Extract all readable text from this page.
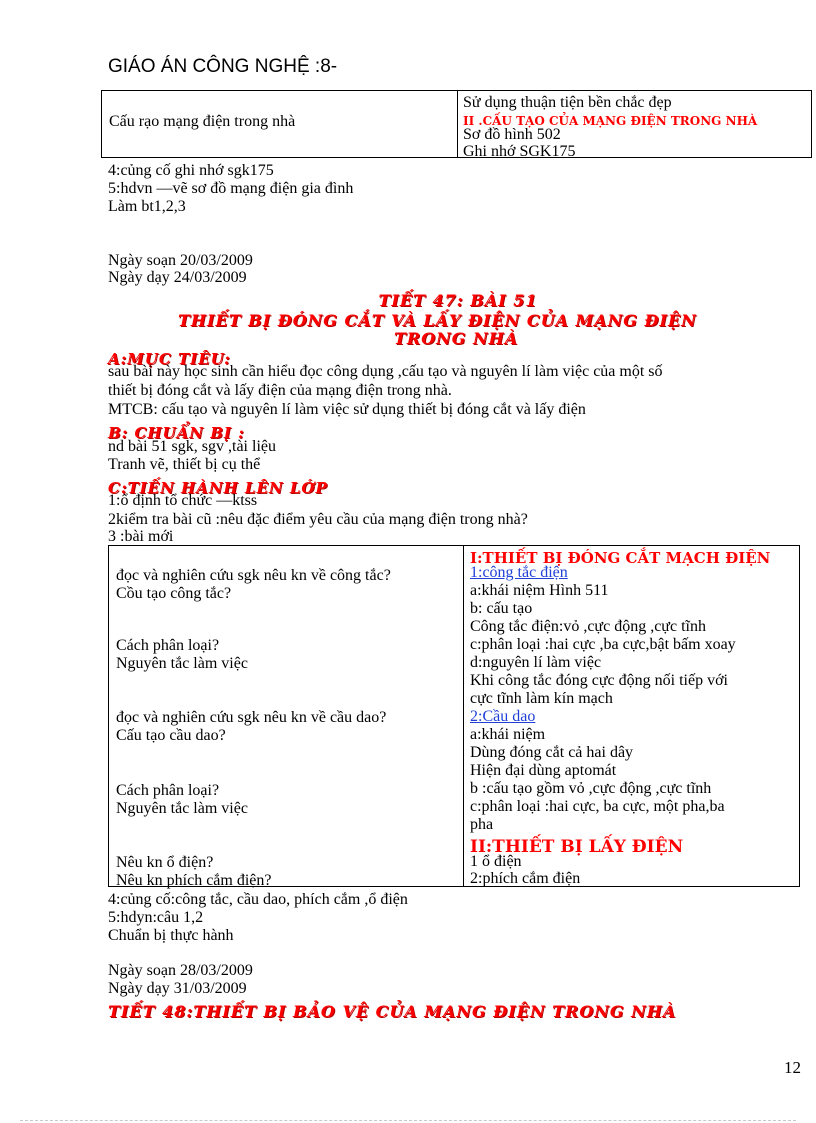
GIÁO ÁN CÔNG NGHỆ :8-
Cấu rạo mạng điện trong nhà
Sử dụng thuận tiện bền chắc đẹp
II .CẤU TẠO CỦA MẠNG ĐIỆN TRONG NHÀ
Sơ đồ hình 502
Ghi nhớ SGK175
4:củng cố ghi nhớ sgk175
5:hdvn —vẽ sơ đồ mạng điện gia đình
Làm bt1,2,3
Ngày soạn 20/03/2009
Ngày dạy 24/03/2009
TIẾT 47: BÀI 51
THIẾT BỊ ĐÓNG CẮT VÀ LẤY ĐIỆN CỦA MẠNG ĐIỆN
TRONG NHÀ
A:MỤC TIÊU:
sau bài này học sinh cần hiểu đọc công dụng ,cấu tạo và nguyên lí làm việc của một số
thiết bị đóng cắt và lấy điện của mạng điện trong nhà.
MTCB: cấu tạo và nguyên lí làm việc sử dụng thiết bị đóng cắt và lấy điện
B: CHUẨN BỊ :
nd bài 51 sgk, sgv ,tài liệu
Tranh vẽ, thiết bị cụ thể
C:TIẾN HÀNH LÊN LỚP
1:ổ định tổ chức —ktss
2kiểm tra bài cũ :nêu đặc điểm yêu cầu của mạng điện trong nhà?
3 :bài mới
đọc và nghiên cứu sgk nêu kn về công tắc?
Cồu tạo công tắc?
Cách phân loại?
Nguyên tắc làm việc
đọc và nghiên cứu sgk nêu kn về cầu dao?
Cấu tạo cầu dao?
Cách phân loại?
Nguyên tắc làm việc
Nêu kn ổ điện?
Nêu kn phích cắm điện?
I:THIẾT BỊ ĐÓNG CẮT MẠCH ĐIỆN
1:công tắc điện
a:khái niệm Hình 511
b: cấu tạo
Công tắc điện:vỏ ,cực động ,cực tĩnh
c:phân loại :hai cực ,ba cực,bật bấm xoay
d:nguyên lí làm việc
Khi công tắc đóng cực động nối tiếp với
cực tĩnh làm kín mạch
2:Cầu dao
a:khái niệm
Dùng đóng cắt cả hai dây
Hiện đại dùng aptomát
b :cấu tạo gồm vỏ ,cực động ,cực tĩnh
c:phân loại :hai cực, ba cực, một pha,ba
pha
II:THIẾT BỊ LẤY ĐIỆN
1 ổ điện
2:phích cắm điện
4:củng cố:công tắc, cầu dao, phích cắm ,ổ điện
5:hdyn:câu 1,2
Chuẩn bị thực hành
Ngày soạn 28/03/2009
Ngày dạy 31/03/2009
TIẾT 48:THIẾT BỊ BẢO VỆ CỦA MẠNG ĐIỆN TRONG NHÀ
12
